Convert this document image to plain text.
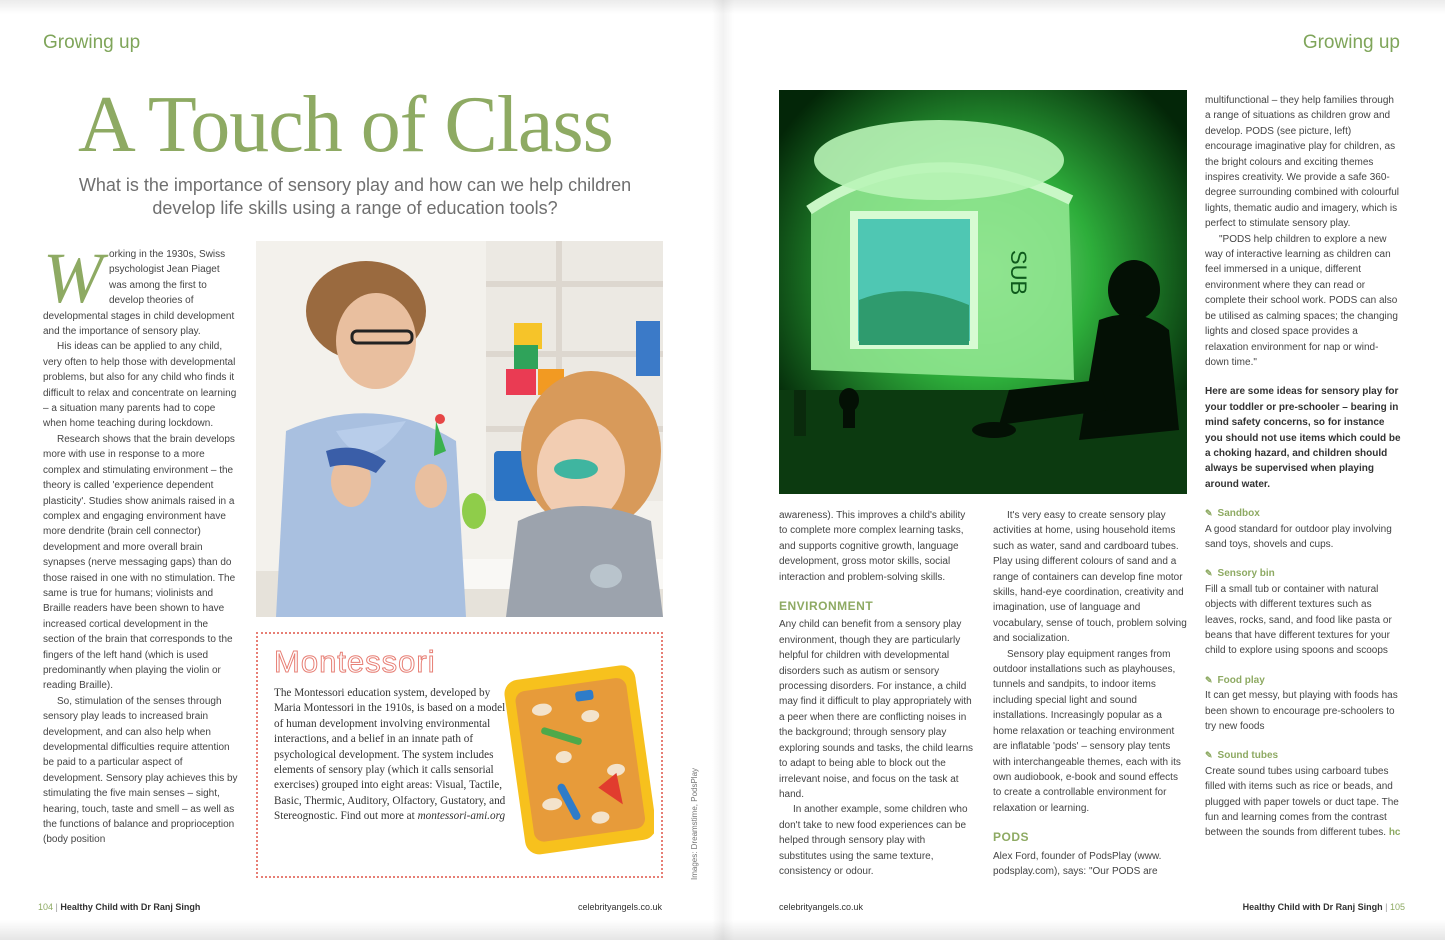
Growing up	Growing up
A Touch of Class
What is the importance of sensory play and how can we help children develop life skills using a range of education tools?
W orking in the 1930s, Swiss psychologist Jean Piaget was among the first to develop theories of developmental stages in child development and the importance of sensory play.

His ideas can be applied to any child, very often to help those with developmental problems, but also for any child who finds it difficult to relax and concentrate on learning – a situation many parents had to cope when home teaching during lockdown.

Research shows that the brain develops more with use in response to a more complex and stimulating environment – the theory is called 'experience dependent plasticity'. Studies show animals raised in a complex and engaging environment have more dendrite (brain cell connector) development and more overall brain synapses (nerve messaging gaps) than do those raised in one with no stimulation. The same is true for humans; violinists and Braille readers have been shown to have increased cortical development in the section of the brain that corresponds to the fingers of the left hand (which is used predominantly when playing the violin or reading Braille).

So, stimulation of the senses through sensory play leads to increased brain development, and can also help when developmental difficulties require attention be paid to a particular aspect of development. Sensory play achieves this by stimulating the five main senses – sight, hearing, touch, taste and smell – as well as the functions of balance and proprioception (body position

Montessori
The Montessori education system, developed by Maria Montessori in the 1910s, is based on a model of human development involving environmental interactions, and a belief in an innate path of psychological development. The system includes elements of sensory play (which it calls sensorial exercises) grouped into eight areas: Visual, Tactile, Basic, Thermic, Auditory, Olfactory, Gustatory, and Stereognostic. Find out more at montessori-ami.org	Images: Dreamstime, PodsPlay
SUB

awareness). This improves a child's ability to complete more complex learning tasks, and supports cognitive growth, language development, gross motor skills, social interaction and problem-solving skills.

ENVIRONMENT

Any child can benefit from a sensory play environment, though they are particularly helpful for children with developmental disorders such as autism or sensory processing disorders. For instance, a child may find it difficult to play appropriately with a peer when there are conflicting noises in the background; through sensory play exploring sounds and tasks, the child learns to adapt to being able to block out the irrelevant noise, and focus on the task at hand.

In another example, some children who don't take to new food experiences can be helped through sensory play with substitutes using the same texture, consistency or odour.

It's very easy to create sensory play activities at home, using household items such as water, sand and cardboard tubes. Play using different colours of sand and a range of containers can develop fine motor skills, hand-eye coordination, creativity and imagination, use of language and vocabulary, sense of touch, problem solving and socialization.

Sensory play equipment ranges from outdoor installations such as playhouses, tunnels and sandpits, to indoor items including special light and sound installations. Increasingly popular as a home relaxation or teaching environment are inflatable 'pods' – sensory play tents with interchangeable themes, each with its own audiobook, e-book and sound effects to create a controllable environment for relaxation or learning.

PODS

Alex Ford, founder of PodsPlay (www. podsplay.com), says: "Our PODS are

multifunctional – they help families through a range of situations as children grow and develop. PODS (see picture, left) encourage imaginative play for children, as the bright colours and exciting themes inspires creativity. We provide a safe 360-degree surrounding combined with colourful lights, thematic audio and imagery, which is perfect to stimulate sensory play.

"PODS help children to explore a new way of interactive learning as children can feel immersed in a unique, different environment where they can read or complete their school work. PODS can also be utilised as calming spaces; the changing lights and closed space provides a relaxation environment for nap or wind-down time."

Here are some ideas for sensory play for your toddler or pre-schooler – bearing in mind safety concerns, so for instance you should not use items which could be a choking hazard, and children should always be supervised when playing around water.

✎ Sandbox

A good standard for outdoor play involving sand toys, shovels and cups.

✎ Sensory bin

Fill a small tub or container with natural objects with different textures such as leaves, rocks, sand, and food like pasta or beans that have different textures for your child to explore using spoons and scoops

✎ Food play

It can get messy, but playing with foods has been shown to encourage pre-schoolers to try new foods

✎ Sound tubes

Create sound tubes using carboard tubes filled with items such as rice or beads, and plugged with paper towels or duct tape. The fun and learning comes from the contrast between the sounds from different tubes. hc

104 | Healthy Child with Dr Ranj Singh	celebrityangels.co.uk	celebrityangels.co.uk	Healthy Child with Dr Ranj Singh | 105
